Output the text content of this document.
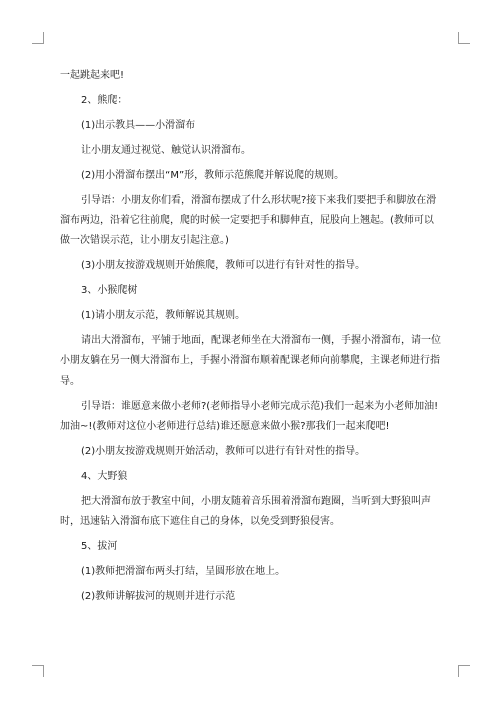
一起跳起来吧!

2、熊爬：

(1)出示教具——小滑溜布

让小朋友通过视觉、触觉认识滑溜布。

(2)用小滑溜布摆出“M”形，教师示范熊爬并解说爬的规则。

引导语：小朋友你们看，滑溜布摆成了什么形状呢?接下来我们要把手和脚放在滑溜布两边，沿着它往前爬，爬的时候一定要把手和脚伸直，屁股向上翘起。(教师可以做一次错误示范，让小朋友引起注意。)

(3)小朋友按游戏规则开始熊爬，教师可以进行有针对性的指导。

3、小猴爬树

(1)请小朋友示范，教师解说其规则。

请出大滑溜布，平铺于地面，配课老师坐在大滑溜布一侧，手握小滑溜布，请一位小朋友躺在另一侧大滑溜布上，手握小滑溜布顺着配课老师向前攀爬，主课老师进行指导。

引导语：谁愿意来做小老师?(老师指导小老师完成示范)我们一起来为小老师加油!加油~!(教师对这位小老师进行总结)谁还愿意来做小猴?那我们一起来爬吧!

(2)小朋友按游戏规则开始活动，教师可以进行有针对性的指导。

4、大野狼

把大滑溜布放于教室中间，小朋友随着音乐围着滑溜布跑圈，当听到大野狼叫声时，迅速钻入滑溜布底下遮住自己的身体，以免受到野狼侵害。

5、拔河

(1)教师把滑溜布两头打结，呈圆形放在地上。

(2)教师讲解拔河的规则并进行示范
